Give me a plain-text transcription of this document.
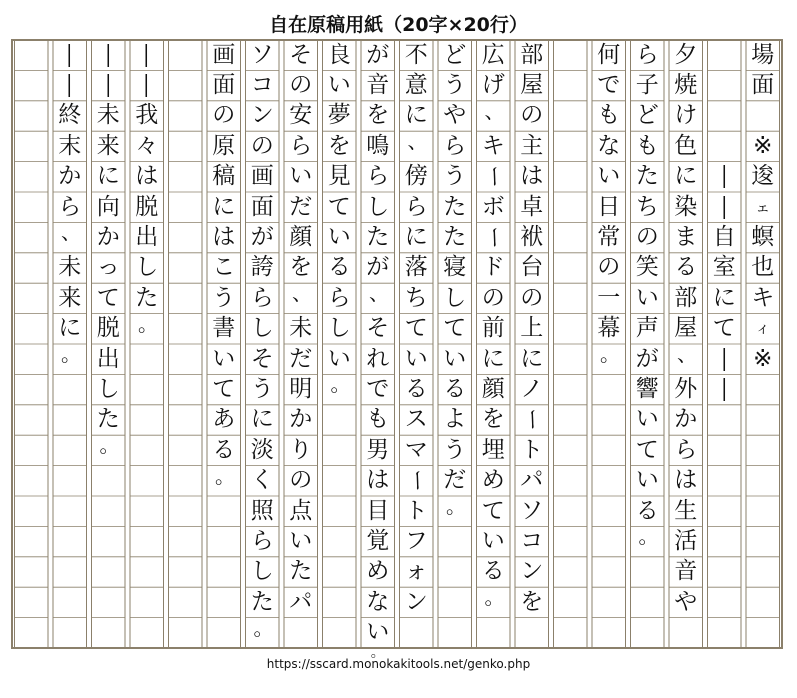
自在原稿用紙（20字×20行）
場
面

※
逡
ェ
螟
也
キ
ィ
※

―
―
自
室
に
て
―
―
夕
焼
け
色
に
染
ま
る
部
屋
、
外
か
ら
は
生
活
音
や
ら
子
ど
も
た
ち
の
笑
い
声
が
響
い
て
い
る
。
何
で
も
な
い
日
常
の
一
幕
。
部
屋
の
主
は
卓
袱
台
の
上
に
ノ
ー
ト
パ
ソ
コ
ン
を
広
げ
、
キ
ー
ボ
ー
ド
の
前
に
顔
を
埋
め
て
い
る
。
ど
う
や
ら
う
た
た
寝
し
て
い
る
よ
う
だ
。
不
意
に
、
傍
ら
に
落
ち
て
い
る
ス
マ
ー
ト
フ
ォ
ン
が
音
を
鳴
ら
し
た
が
、
そ
れ
で
も
男
は
目
覚
め
な
い
良
い
夢
を
見
て
い
る
ら
し
い
。
そ
の
安
ら
い
だ
顔
を
、
未
だ
明
か
り
の
点
い
た
パ
ソ
コ
ン
の
画
面
が
誇
ら
し
そ
う
に
淡
く
照
ら
し
た
。
画
面
の
原
稿
に
は
こ
う
書
い
て
あ
る
。
―
―
我
々
は
脱
出
し
た
。
―
―
未
来
に
向
か
っ
て
脱
出
し
た
。
―
―
終
末
か
ら
、
未
来
に
。
https://sscard.monokakitools.net/genko.php
。
